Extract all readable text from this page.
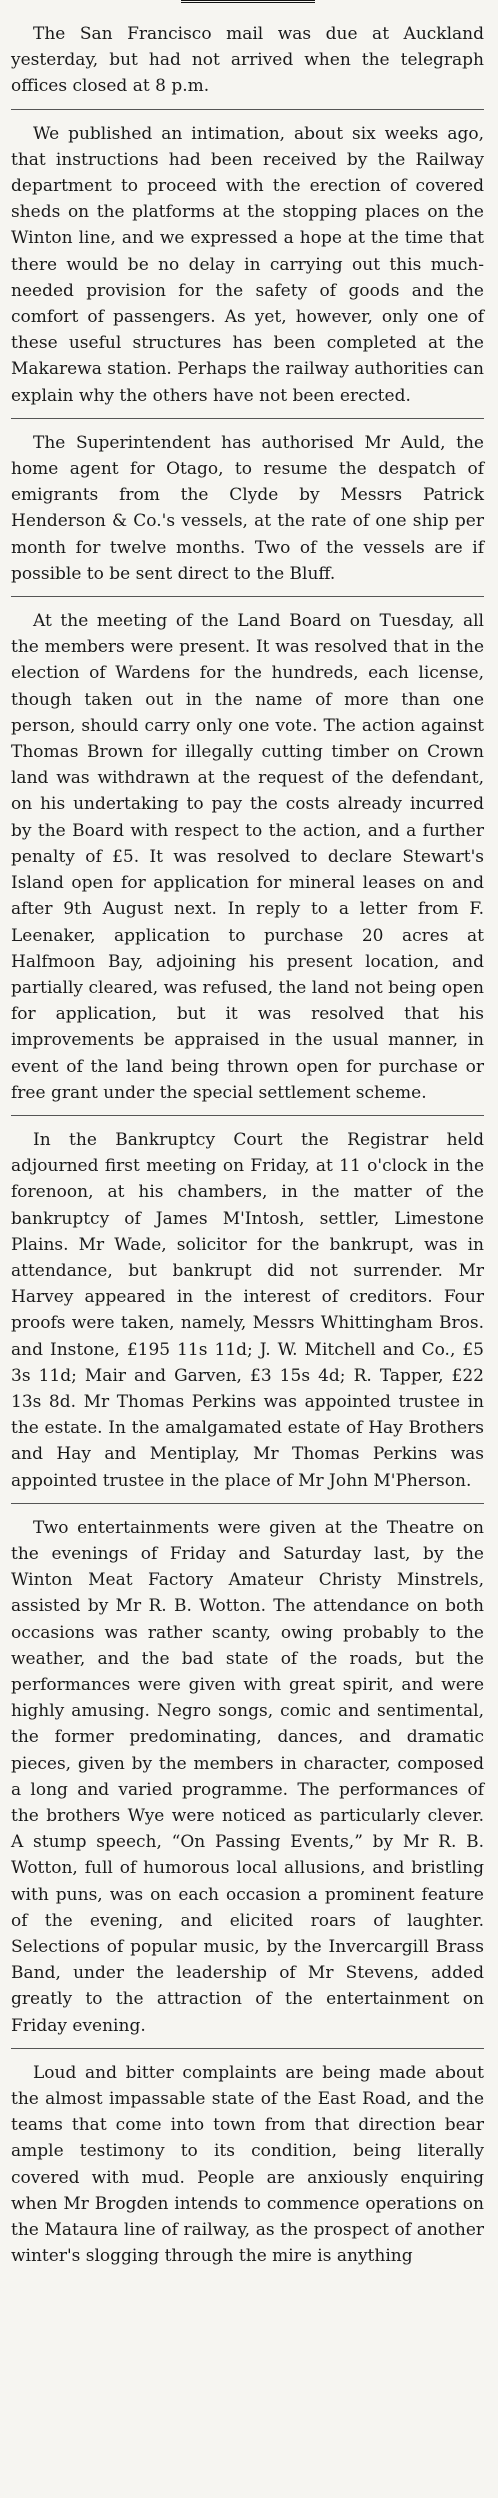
The San Francisco mail was due at Auckland yesterday, but had not arrived when the telegraph offices closed at 8 p.m.

We published an intimation, about six weeks ago, that instructions had been received by the Railway department to proceed with the erection of covered sheds on the platforms at the stopping places on the Winton line, and we expressed a hope at the time that there would be no delay in carrying out this much-needed provision for the safety of goods and the comfort of passengers. As yet, however, only one of these useful structures has been completed at the Makarewa station. Perhaps the railway authorities can explain why the others have not been erected.

The Superintendent has authorised Mr Auld, the home agent for Otago, to resume the despatch of emigrants from the Clyde by Messrs Patrick Henderson & Co.'s vessels, at the rate of one ship per month for twelve months. Two of the vessels are if possible to be sent direct to the Bluff.

At the meeting of the Land Board on Tuesday, all the members were present. It was resolved that in the election of Wardens for the hundreds, each license, though taken out in the name of more than one person, should carry only one vote. The action against Thomas Brown for illegally cutting timber on Crown land was withdrawn at the request of the defendant, on his undertaking to pay the costs already incurred by the Board with respect to the action, and a further penalty of £5. It was resolved to declare Stewart's Island open for application for mineral leases on and after 9th August next. In reply to a letter from F. Leenaker, application to purchase 20 acres at Halfmoon Bay, adjoining his present location, and partially cleared, was refused, the land not being open for application, but it was resolved that his improvements be appraised in the usual manner, in event of the land being thrown open for purchase or free grant under the special settlement scheme.

In the Bankruptcy Court the Registrar held adjourned first meeting on Friday, at 11 o'clock in the forenoon, at his chambers, in the matter of the bankruptcy of James M'Intosh, settler, Limestone Plains. Mr Wade, solicitor for the bankrupt, was in attendance, but bankrupt did not surrender. Mr Harvey appeared in the interest of creditors. Four proofs were taken, namely, Messrs Whittingham Bros. and Instone, £195 11s 11d; J. W. Mitchell and Co., £5 3s 11d; Mair and Garven, £3 15s 4d; R. Tapper, £22 13s 8d. Mr Thomas Perkins was appointed trustee in the estate. In the amalgamated estate of Hay Brothers and Hay and Mentiplay, Mr Thomas Perkins was appointed trustee in the place of Mr John M'Pherson.

Two entertainments were given at the Theatre on the evenings of Friday and Saturday last, by the Winton Meat Factory Amateur Christy Minstrels, assisted by Mr R. B. Wotton. The attendance on both occasions was rather scanty, owing probably to the weather, and the bad state of the roads, but the performances were given with great spirit, and were highly amusing. Negro songs, comic and sentimental, the former predominating, dances, and dramatic pieces, given by the members in character, composed a long and varied programme. The performances of the brothers Wye were noticed as particularly clever. A stump speech, “On Passing Events,” by Mr R. B. Wotton, full of humorous local allusions, and bristling with puns, was on each occasion a prominent feature of the evening, and elicited roars of laughter. Selections of popular music, by the Invercargill Brass Band, under the leadership of Mr Stevens, added greatly to the attraction of the entertainment on Friday evening.

Loud and bitter complaints are being made about the almost impassable state of the East Road, and the teams that come into town from that direction bear ample testimony to its condition, being literally covered with mud. People are anxiously enquiring when Mr Brogden intends to commence operations on the Mataura line of railway, as the prospect of another winter's slogging through the mire is anything
